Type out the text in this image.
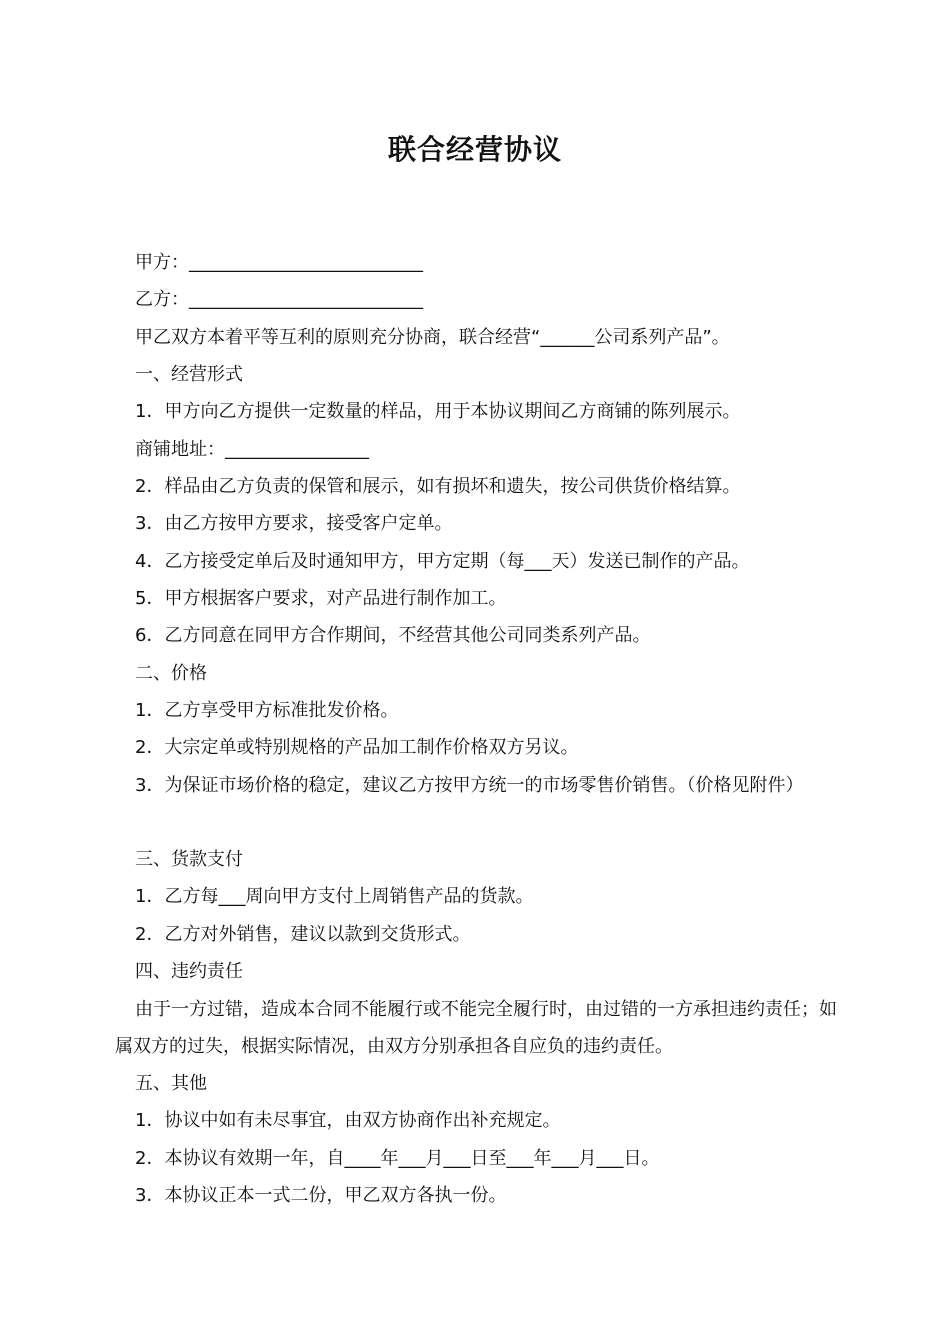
联合经营协议
甲方：__________________________
乙方：__________________________
甲乙双方本着平等互利的原则充分协商，联合经营“______公司系列产品”。
一、经营形式
1．甲方向乙方提供一定数量的样品，用于本协议期间乙方商铺的陈列展示。
商铺地址：________________
2．样品由乙方负责的保管和展示，如有损坏和遗失，按公司供货价格结算。
3．由乙方按甲方要求，接受客户定单。
4．乙方接受定单后及时通知甲方，甲方定期（每___天）发送已制作的产品。
5．甲方根据客户要求，对产品进行制作加工。
6．乙方同意在同甲方合作期间，不经营其他公司同类系列产品。
二、价格
1．乙方享受甲方标准批发价格。
2．大宗定单或特别规格的产品加工制作价格双方另议。
3．为保证市场价格的稳定，建议乙方按甲方统一的市场零售价销售。（价格见附件）
三、货款支付
1．乙方每___周向甲方支付上周销售产品的货款。
2．乙方对外销售，建议以款到交货形式。
四、违约责任
由于一方过错，造成本合同不能履行或不能完全履行时，由过错的一方承担违约责任；如属双方的过失，根据实际情况，由双方分别承担各自应负的违约责任。
五、其他
1．协议中如有未尽事宜，由双方协商作出补充规定。
2．本协议有效期一年，自____年___月___日至___年___月___日。
3．本协议正本一式二份，甲乙双方各执一份。
